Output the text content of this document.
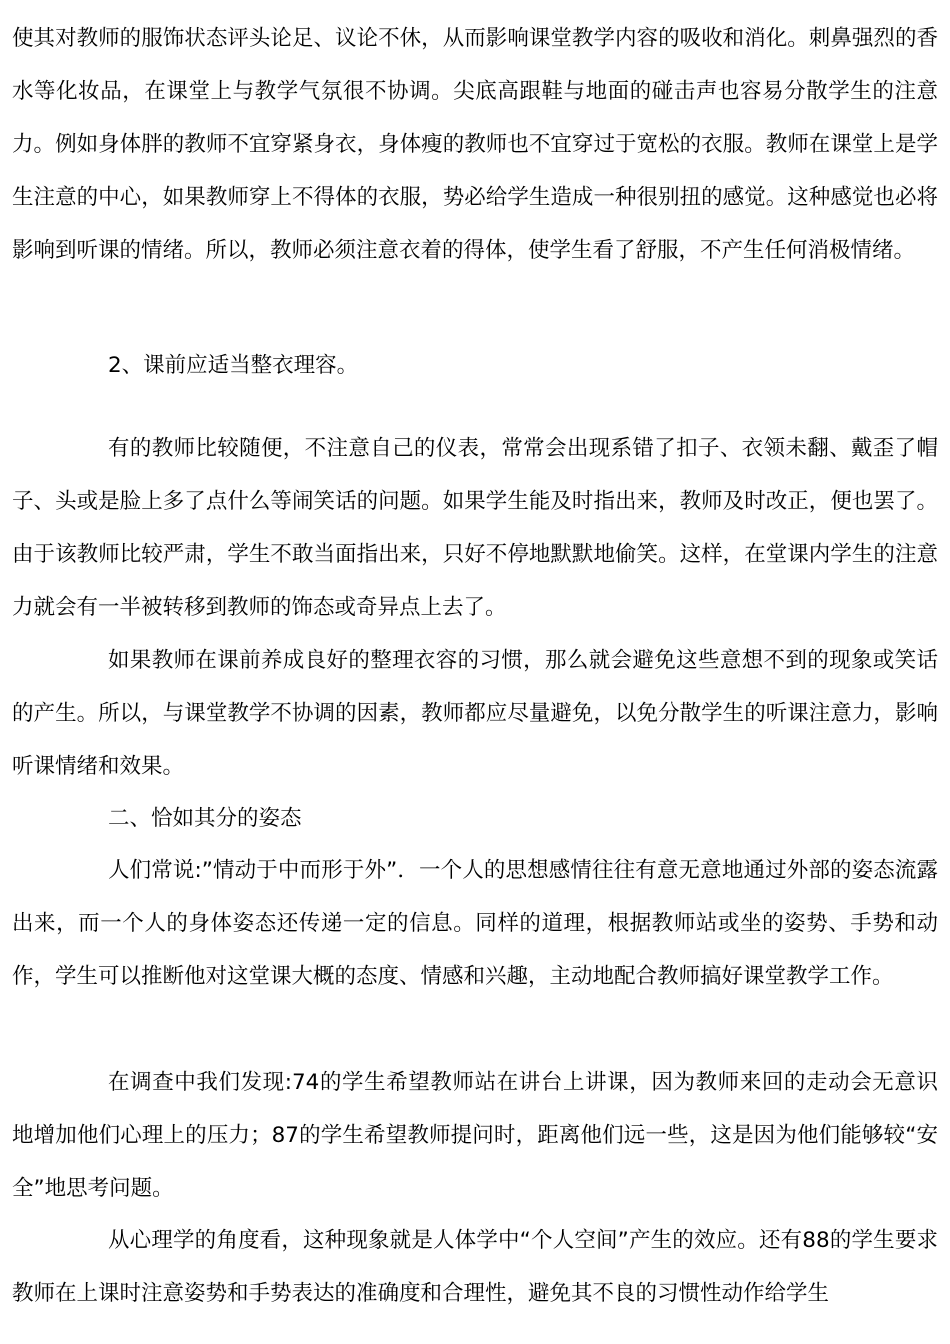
使其对教师的服饰状态评头论足、议论不休，从而影响课堂教学内容的吸收和消化。刺鼻强烈的香水等化妆品，在课堂上与教学气氛很不协调。尖底高跟鞋与地面的碰击声也容易分散学生的注意力。例如身体胖的教师不宜穿紧身衣，身体瘦的教师也不宜穿过于宽松的衣服。教师在课堂上是学生注意的中心，如果教师穿上不得体的衣服，势必给学生造成一种很别扭的感觉。这种感觉也必将影响到听课的情绪。所以，教师必须注意衣着的得体，使学生看了舒服，不产生任何消极情绪。

2、课前应适当整衣理容。

有的教师比较随便，不注意自己的仪表，常常会出现系错了扣子、衣领未翻、戴歪了帽子、头或是脸上多了点什么等闹笑话的问题。如果学生能及时指出来，教师及时改正，便也罢了。由于该教师比较严肃，学生不敢当面指出来，只好不停地默默地偷笑。这样，在堂课内学生的注意力就会有一半被转移到教师的饰态或奇异点上去了。

如果教师在课前养成良好的整理衣容的习惯，那么就会避免这些意想不到的现象或笑话的产生。所以，与课堂教学不协调的因素，教师都应尽量避免，以免分散学生的听课注意力，影响听课情绪和效果。

二、恰如其分的姿态

人们常说:”情动于中而形于外”．一个人的思想感情往往有意无意地通过外部的姿态流露出来，而一个人的身体姿态还传递一定的信息。同样的道理，根据教师站或坐的姿势、手势和动作，学生可以推断他对这堂课大概的态度、情感和兴趣，主动地配合教师搞好课堂教学工作。

在调查中我们发现:74的学生希望教师站在讲台上讲课，因为教师来回的走动会无意识地增加他们心理上的压力；87的学生希望教师提问时，距离他们远一些，这是因为他们能够较“安全”地思考问题。

从心理学的角度看，这种现象就是人体学中“个人空间”产生的效应。还有88的学生要求教师在上课时注意姿势和手势表达的准确度和合理性，避免其不良的习惯性动作给学生
